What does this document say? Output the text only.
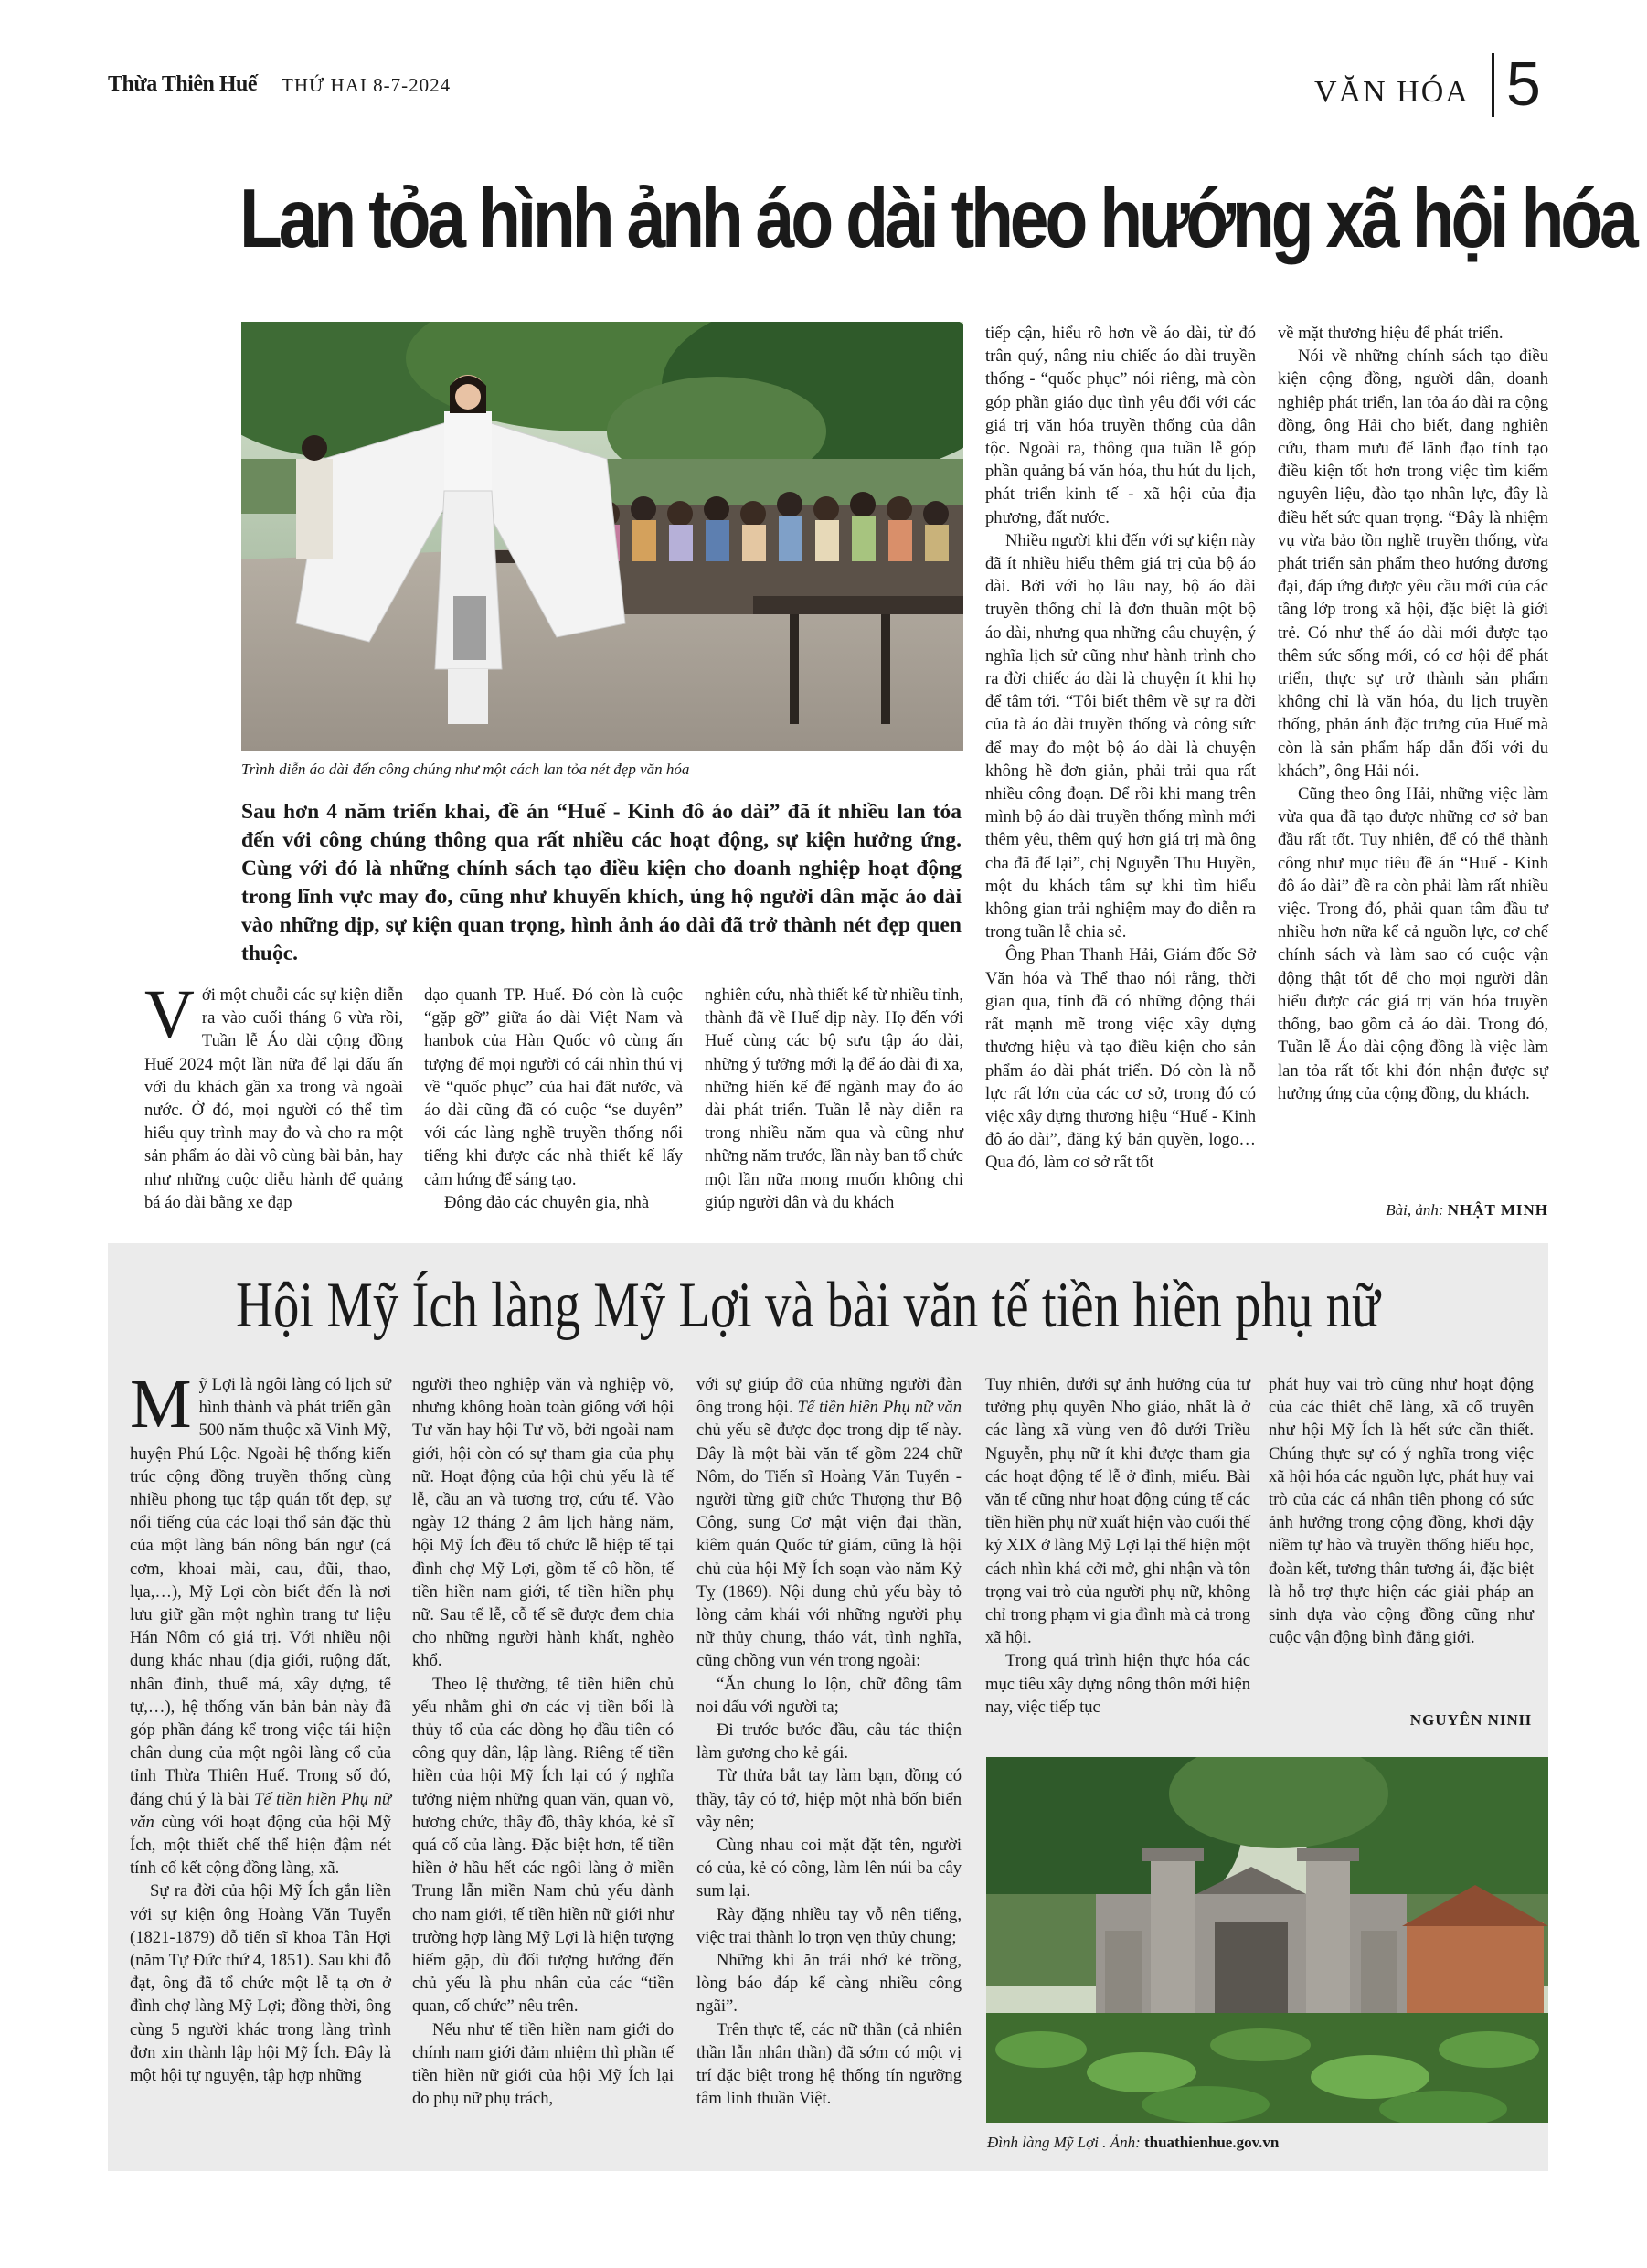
Thừa Thiên Huế THỨ HAI 8-7-2024	VĂN HÓA 5
Lan tỏa hình ảnh áo dài theo hướng xã hội hóa
Trình diễn áo dài đến công chúng như một cách lan tỏa nét đẹp văn hóa
Sau hơn 4 năm triển khai, đề án “Huế - Kinh đô áo dài” đã ít nhiều lan tỏa đến với công chúng thông qua rất nhiều các hoạt động, sự kiện hưởng ứng. Cùng với đó là những chính sách tạo điều kiện cho doanh nghiệp hoạt động trong lĩnh vực may đo, cũng như khuyến khích, ủng hộ người dân mặc áo dài vào những dịp, sự kiện quan trọng, hình ảnh áo dài đã trở thành nét đẹp quen thuộc.

Với một chuỗi các sự kiện diễn ra vào cuối tháng 6 vừa rồi, Tuần lễ Áo dài cộng đồng Huế 2024 một lần nữa để lại dấu ấn với du khách gần xa trong và ngoài nước. Ở đó, mọi người có thể tìm hiểu quy trình may đo và cho ra một sản phẩm áo dài vô cùng bài bản, hay như những cuộc diễu hành để quảng bá áo dài bằng xe đạp

dạo quanh TP. Huế. Đó còn là cuộc “gặp gỡ” giữa áo dài Việt Nam và hanbok của Hàn Quốc vô cùng ấn tượng để mọi người có cái nhìn thú vị về “quốc phục” của hai đất nước, và áo dài cũng đã có cuộc “se duyên” với các làng nghề truyền thống nổi tiếng khi được các nhà thiết kế lấy cảm hứng để sáng tạo.

Đông đảo các chuyên gia, nhà

nghiên cứu, nhà thiết kế từ nhiều tỉnh, thành đã về Huế dịp này. Họ đến với Huế cùng các bộ sưu tập áo dài, những ý tưởng mới lạ để áo dài đi xa, những hiến kế để ngành may đo áo dài phát triển. Tuần lễ này diễn ra trong nhiều năm qua và cũng như những năm trước, lần này ban tổ chức một lần nữa mong muốn không chỉ giúp người dân và du khách

tiếp cận, hiểu rõ hơn về áo dài, từ đó trân quý, nâng niu chiếc áo dài truyền thống - “quốc phục” nói riêng, mà còn góp phần giáo dục tình yêu đối với các giá trị văn hóa truyền thống của dân tộc. Ngoài ra, thông qua tuần lễ góp phần quảng bá văn hóa, thu hút du lịch, phát triển kinh tế - xã hội của địa phương, đất nước.

Nhiều người khi đến với sự kiện này đã ít nhiều hiểu thêm giá trị của bộ áo dài. Bởi với họ lâu nay, bộ áo dài truyền thống chỉ là đơn thuần một bộ áo dài, nhưng qua những câu chuyện, ý nghĩa lịch sử cũng như hành trình cho ra đời chiếc áo dài là chuyện ít khi họ để tâm tới. “Tôi biết thêm về sự ra đời của tà áo dài truyền thống và công sức để may đo một bộ áo dài là chuyện không hề đơn giản, phải trải qua rất nhiều công đoạn. Để rồi khi mang trên mình bộ áo dài truyền thống mình mới thêm yêu, thêm quý hơn giá trị mà ông cha đã để lại”, chị Nguyễn Thu Huyền, một du khách tâm sự khi tìm hiểu không gian trải nghiệm may đo diễn ra trong tuần lễ chia sẻ.

Ông Phan Thanh Hải, Giám đốc Sở Văn hóa và Thể thao nói rằng, thời gian qua, tỉnh đã có những động thái rất mạnh mẽ trong việc xây dựng thương hiệu và tạo điều kiện cho sản phẩm áo dài phát triển. Đó còn là nỗ lực rất lớn của các cơ sở, trong đó có việc xây dựng thương hiệu “Huế - Kinh đô áo dài”, đăng ký bản quyền, logo… Qua đó, làm cơ sở rất tốt

về mặt thương hiệu để phát triển.

Nói về những chính sách tạo điều kiện cộng đồng, người dân, doanh nghiệp phát triển, lan tỏa áo dài ra cộng đồng, ông Hải cho biết, đang nghiên cứu, tham mưu để lãnh đạo tỉnh tạo điều kiện tốt hơn trong việc tìm kiếm nguyên liệu, đào tạo nhân lực, đây là điều hết sức quan trọng. “Đây là nhiệm vụ vừa bảo tồn nghề truyền thống, vừa phát triển sản phẩm theo hướng đương đại, đáp ứng được yêu cầu mới của các tầng lớp trong xã hội, đặc biệt là giới trẻ. Có như thế áo dài mới được tạo thêm sức sống mới, có cơ hội để phát triển, thực sự trở thành sản phẩm không chỉ là văn hóa, du lịch truyền thống, phản ánh đặc trưng của Huế mà còn là sản phẩm hấp dẫn đối với du khách”, ông Hải nói.

Cũng theo ông Hải, những việc làm vừa qua đã tạo được những cơ sở ban đầu rất tốt. Tuy nhiên, để có thể thành công như mục tiêu đề án “Huế - Kinh đô áo dài” đề ra còn phải làm rất nhiều việc. Trong đó, phải quan tâm đầu tư nhiều hơn nữa kể cả nguồn lực, cơ chế chính sách và làm sao có cuộc vận động thật tốt để cho mọi người dân hiểu được các giá trị văn hóa truyền thống, bao gồm cả áo dài. Trong đó, Tuần lễ Áo dài cộng đồng là việc làm lan tỏa rất tốt khi đón nhận được sự hưởng ứng của cộng đồng, du khách.

Bài, ảnh: NHẬT MINH
Hội Mỹ Ích làng Mỹ Lợi và bài văn tế tiền hiền phụ nữ

Mỹ Lợi là ngôi làng có lịch sử hình thành và phát triển gần 500 năm thuộc xã Vinh Mỹ, huyện Phú Lộc. Ngoài hệ thống kiến trúc cộng đồng truyền thống cùng nhiều phong tục tập quán tốt đẹp, sự nổi tiếng của các loại thổ sản đặc thù của một làng bán nông bán ngư (cá cơm, khoai mài, cau, đũi, thao, lụa,…), Mỹ Lợi còn biết đến là nơi lưu giữ gần một nghìn trang tư liệu Hán Nôm có giá trị. Với nhiều nội dung khác nhau (địa giới, ruộng đất, nhân đinh, thuế má, xây dựng, tế tự,…), hệ thống văn bản bản này đã góp phần đáng kể trong việc tái hiện chân dung của một ngôi làng cổ của tỉnh Thừa Thiên Huế. Trong số đó, đáng chú ý là bài Tế tiền hiền Phụ nữ văn cùng với hoạt động của hội Mỹ Ích, một thiết chế thể hiện đậm nét tính cố kết cộng đồng làng, xã.

Sự ra đời của hội Mỹ Ích gắn liền với sự kiện ông Hoàng Văn Tuyển (1821-1879) đỗ tiến sĩ khoa Tân Hợi (năm Tự Đức thứ 4, 1851). Sau khi đỗ đạt, ông đã tổ chức một lễ tạ ơn ở đình chợ làng Mỹ Lợi; đồng thời, ông cùng 5 người khác trong làng trình đơn xin thành lập hội Mỹ Ích. Đây là một hội tự nguyện, tập hợp những

người theo nghiệp văn và nghiệp võ, nhưng không hoàn toàn giống với hội Tư văn hay hội Tư võ, bởi ngoài nam giới, hội còn có sự tham gia của phụ nữ. Hoạt động của hội chủ yếu là tế lễ, cầu an và tương trợ, cứu tế. Vào ngày 12 tháng 2 âm lịch hằng năm, hội Mỹ Ích đều tổ chức lễ hiệp tế tại đình chợ Mỹ Lợi, gồm tế cô hồn, tế tiền hiền nam giới, tế tiền hiền phụ nữ. Sau tế lễ, cỗ tế sẽ được đem chia cho những người hành khất, nghèo khổ.

Theo lệ thường, tế tiền hiền chủ yếu nhằm ghi ơn các vị tiền bối là thủy tổ của các dòng họ đầu tiên có công quy dân, lập làng. Riêng tế tiền hiền của hội Mỹ Ích lại có ý nghĩa tưởng niệm những quan văn, quan võ, hương chức, thầy đồ, thầy khóa, kẻ sĩ quá cố của làng. Đặc biệt hơn, tế tiền hiền ở hầu hết các ngôi làng ở miền Trung lẫn miền Nam chủ yếu dành cho nam giới, tế tiền hiền nữ giới như trường hợp làng Mỹ Lợi là hiện tượng hiếm gặp, dù đối tượng hướng đến chủ yếu là phu nhân của các “tiền quan, cố chức” nêu trên.

Nếu như tế tiền hiền nam giới do chính nam giới đảm nhiệm thì phần tế tiền hiền nữ giới của hội Mỹ Ích lại do phụ nữ phụ trách,

với sự giúp đỡ của những người đàn ông trong hội. Tế tiền hiền Phụ nữ văn chủ yếu sẽ được đọc trong dịp tế này. Đây là một bài văn tế gồm 224 chữ Nôm, do Tiến sĩ Hoàng Văn Tuyển - người từng giữ chức Thượng thư Bộ Công, sung Cơ mật viện đại thần, kiêm quản Quốc tử giám, cũng là hội chủ của hội Mỹ Ích soạn vào năm Kỷ Tỵ (1869). Nội dung chủ yếu bày tỏ lòng cảm khái với những người phụ nữ thủy chung, tháo vát, tình nghĩa, cũng chồng vun vén trong ngoài:

“Ăn chung lo lộn, chữ đồng tâm noi dấu với người ta;

Đi trước bước đầu, câu tác thiện làm gương cho kẻ gái.

Từ thửa bắt tay làm bạn, đồng có thầy, tây có tớ, hiệp một nhà bốn biển vầy nên;

Cùng nhau coi mặt đặt tên, người có của, kẻ có công, làm lên núi ba cây sum lại.

Rày đặng nhiều tay vỗ nên tiếng, việc trai thành lo trọn vẹn thủy chung;

Những khi ăn trái nhớ kẻ trồng, lòng báo đáp kể càng nhiều công ngãi”.

Trên thực tế, các nữ thần (cả nhiên thần lẫn nhân thần) đã sớm có một vị trí đặc biệt trong hệ thống tín ngưỡng tâm linh thuần Việt.

Tuy nhiên, dưới sự ảnh hưởng của tư tưởng phụ quyền Nho giáo, nhất là ở các làng xã vùng ven đô dưới Triều Nguyễn, phụ nữ ít khi được tham gia các hoạt động tế lễ ở đình, miếu. Bài văn tế cũng như hoạt động cúng tế các tiền hiền phụ nữ xuất hiện vào cuối thế kỷ XIX ở làng Mỹ Lợi lại thể hiện một cách nhìn khá cởi mở, ghi nhận và tôn trọng vai trò của người phụ nữ, không chỉ trong phạm vi gia đình mà cả trong xã hội.

Trong quá trình hiện thực hóa các mục tiêu xây dựng nông thôn mới hiện nay, việc tiếp tục

phát huy vai trò cũng như hoạt động của các thiết chế làng, xã cổ truyền như hội Mỹ Ích là hết sức cần thiết. Chúng thực sự có ý nghĩa trong việc xã hội hóa các nguồn lực, phát huy vai trò của các cá nhân tiên phong có sức ảnh hưởng trong cộng đồng, khơi dậy niềm tự hào và truyền thống hiếu học, đoàn kết, tương thân tương ái, đặc biệt là hỗ trợ thực hiện các giải pháp an sinh dựa vào cộng đồng cũng như cuộc vận động bình đẳng giới.

NGUYÊN NINH
Đình làng Mỹ Lợi . Ảnh: thuathienhue.gov.vn
